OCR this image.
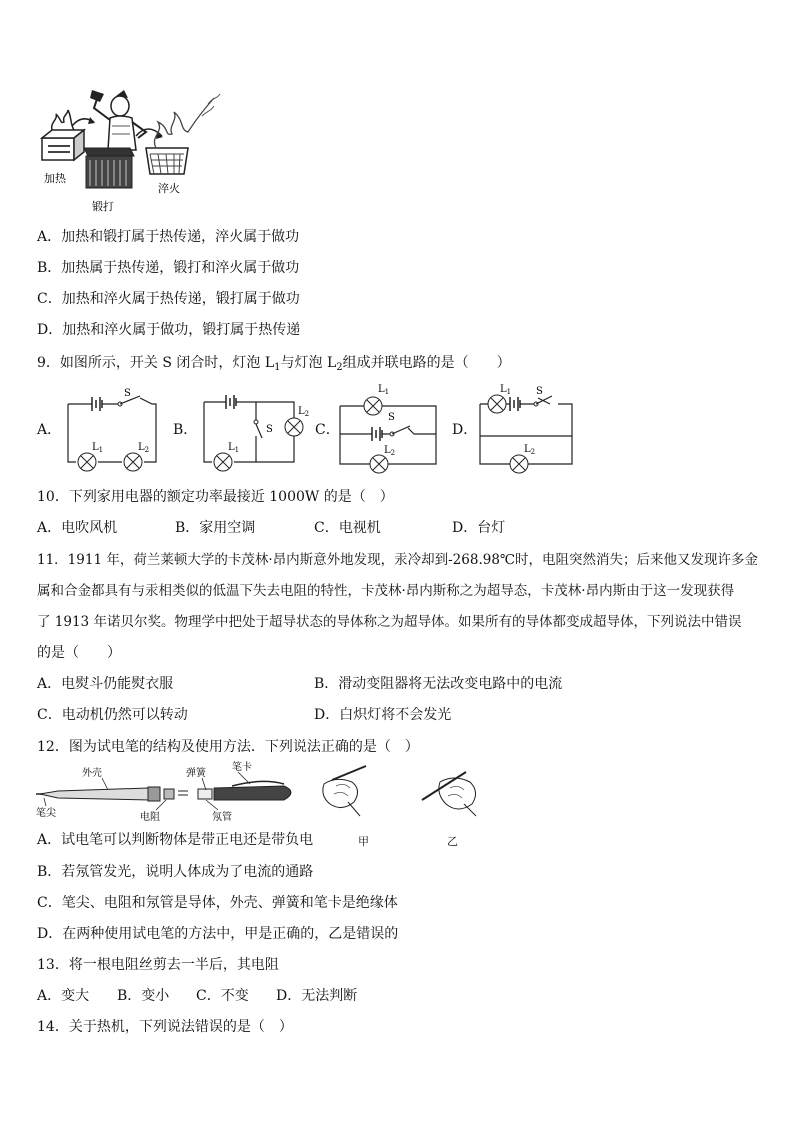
加热
锻打
淬火
A．加热和锻打属于热传递，淬火属于做功
B．加热属于热传递，锻打和淬火属于做功
C．加热和淬火属于热传递，锻打属于做功
D．加热和淬火属于做功，锻打属于热传递
9．如图所示，开关 S 闭合时，灯泡 $L_1$与灯泡 $L_2$组成并联电路的是（　　）
A．	B．	C．	D．
S
$L_1$	$L_2$
S
$L_2$
$L_1$
S
$L_1$
$L_2$
S
$L_1$
$L_2$
10．下列家用电器的额定功率最接近 1000W 的是（　）
A．电吹风机	B．家用空调	C．电视机	D．台灯
11．1911 年，荷兰莱顿大学的卡茂林·昂内斯意外地发现，汞冷却到-268.98℃时，电阻突然消失；后来他又发现许多金
属和合金都具有与汞相类似的低温下失去电阻的特性，卡茂林·昂内斯称之为超导态，卡茂林·昂内斯由于这一发现获得
了 1913 年诺贝尔奖。物理学中把处于超导状态的导体称之为超导体。如果所有的导体都变成超导体，下列说法中错误
的是（　　）
A．电熨斗仍能熨衣服	B．滑动变阻器将无法改变电路中的电流
C．电动机仍然可以转动	D．白炽灯将不会发光
12．图为试电笔的结构及使用方法．下列说法正确的是（　）
外壳
笔尖	电阻
弹簧
笔卡
氖管
甲	乙
A．试电笔可以判断物体是带正电还是带负电
B．若氖管发光，说明人体成为了电流的通路
C．笔尖、电阻和氖管是导体，外壳、弹簧和笔卡是绝缘体
D．在两种使用试电笔的方法中，甲是正确的，乙是错误的
13．将一根电阻丝剪去一半后，其电阻
A．变大 B．变小 C．不变 D．无法判断
14．关于热机，下列说法错误的是（　）
